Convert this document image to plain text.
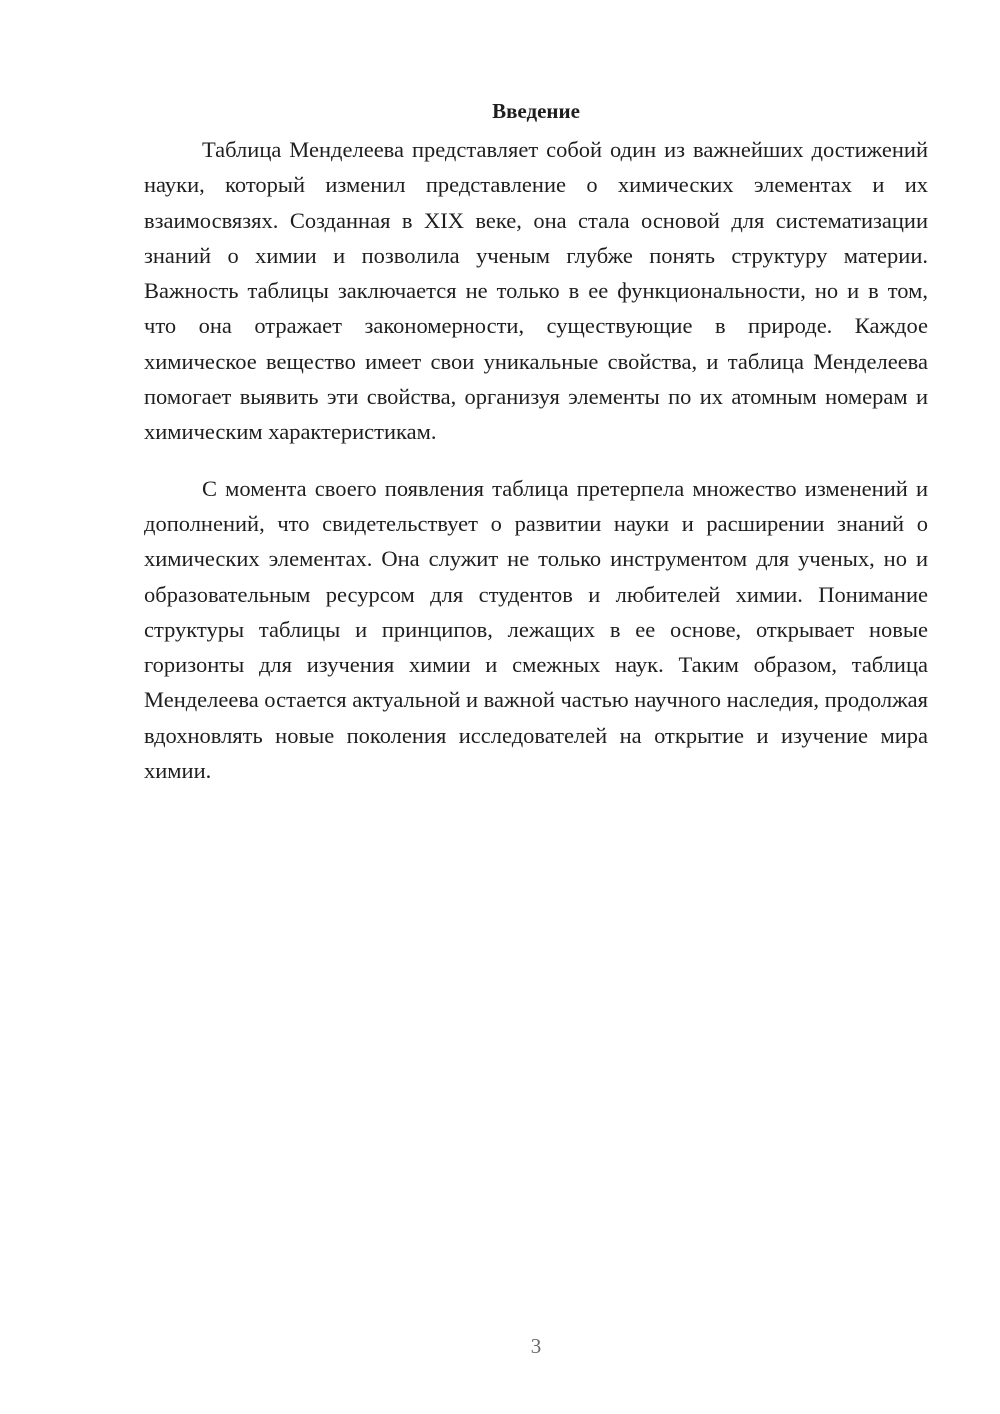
Введение

Таблица Менделеева представляет собой один из важнейших достижений науки, который изменил представление о химических элементах и их взаимосвязях. Созданная в XIX веке, она стала основой для систематизации знаний о химии и позволила ученым глубже понять структуру материи. Важность таблицы заключается не только в ее функциональности, но и в том, что она отражает закономерности, существующие в природе. Каждое химическое вещество имеет свои уникальные свойства, и таблица Менделеева помогает выявить эти свойства, организуя элементы по их атомным номерам и химическим характеристикам.

С момента своего появления таблица претерпела множество изменений и дополнений, что свидетельствует о развитии науки и расширении знаний о химических элементах. Она служит не только инструментом для ученых, но и образовательным ресурсом для студентов и любителей химии. Понимание структуры таблицы и принципов, лежащих в ее основе, открывает новые горизонты для изучения химии и смежных наук. Таким образом, таблица Менделеева остается актуальной и важной частью научного наследия, продолжая вдохновлять новые поколения исследователей на открытие и изучение мира химии.

3
